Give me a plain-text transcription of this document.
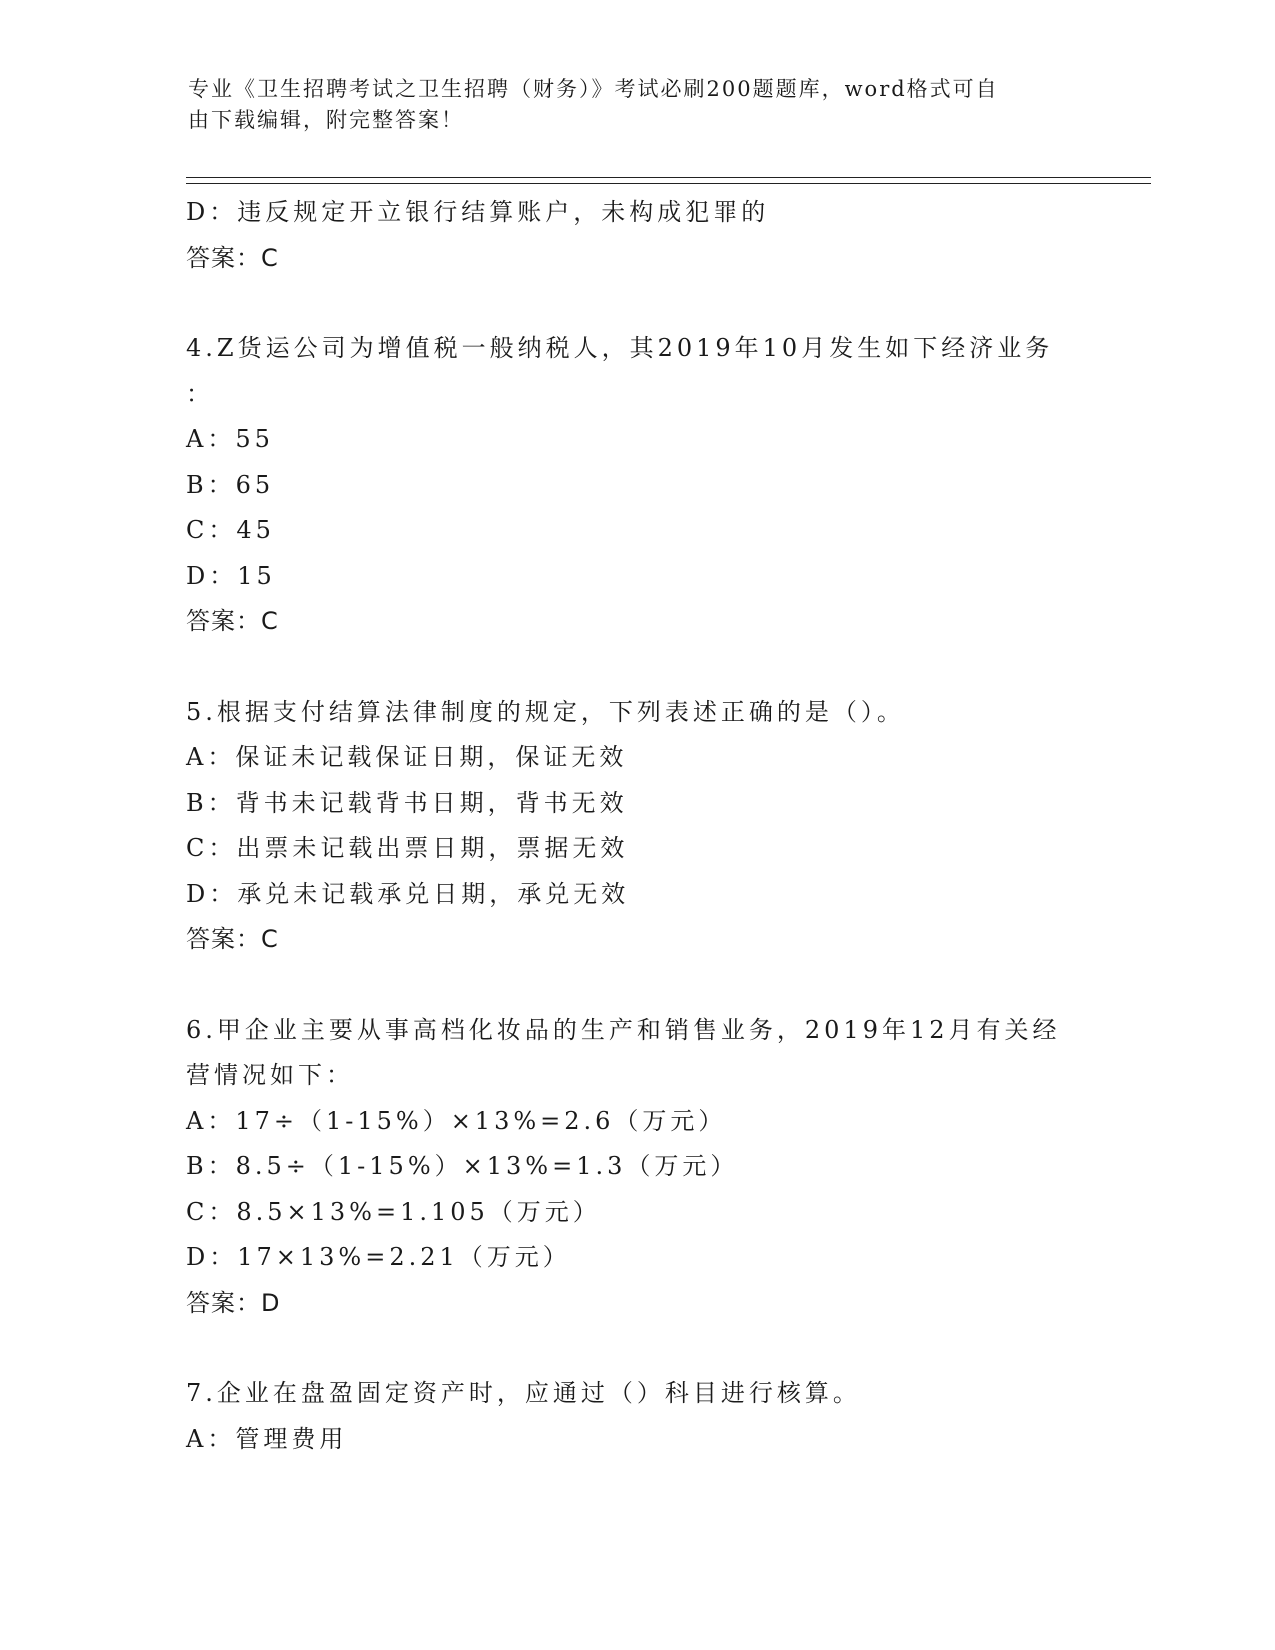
专业《卫生招聘考试之卫生招聘（财务）》考试必刷200题题库，word格式可自
由下载编辑，附完整答案！
D：违反规定开立银行结算账户，未构成犯罪的
答案：C
4.Z货运公司为增值税一般纳税人，其2019年10月发生如下经济业务
：
A：55
B：65
C：45
D：15
答案：C
5.根据支付结算法律制度的规定，下列表述正确的是（）。
A：保证未记载保证日期，保证无效
B：背书未记载背书日期，背书无效
C：出票未记载出票日期，票据无效
D：承兑未记载承兑日期，承兑无效
答案：C
6.甲企业主要从事高档化妆品的生产和销售业务，2019年12月有关经
营情况如下：
A：17÷（1-15%）×13%=2.6（万元）
B：8.5÷（1-15%）×13%=1.3（万元）
C：8.5×13%=1.105（万元）
D：17×13%=2.21（万元）
答案：D
7.企业在盘盈固定资产时，应通过（）科目进行核算。
A：管理费用
